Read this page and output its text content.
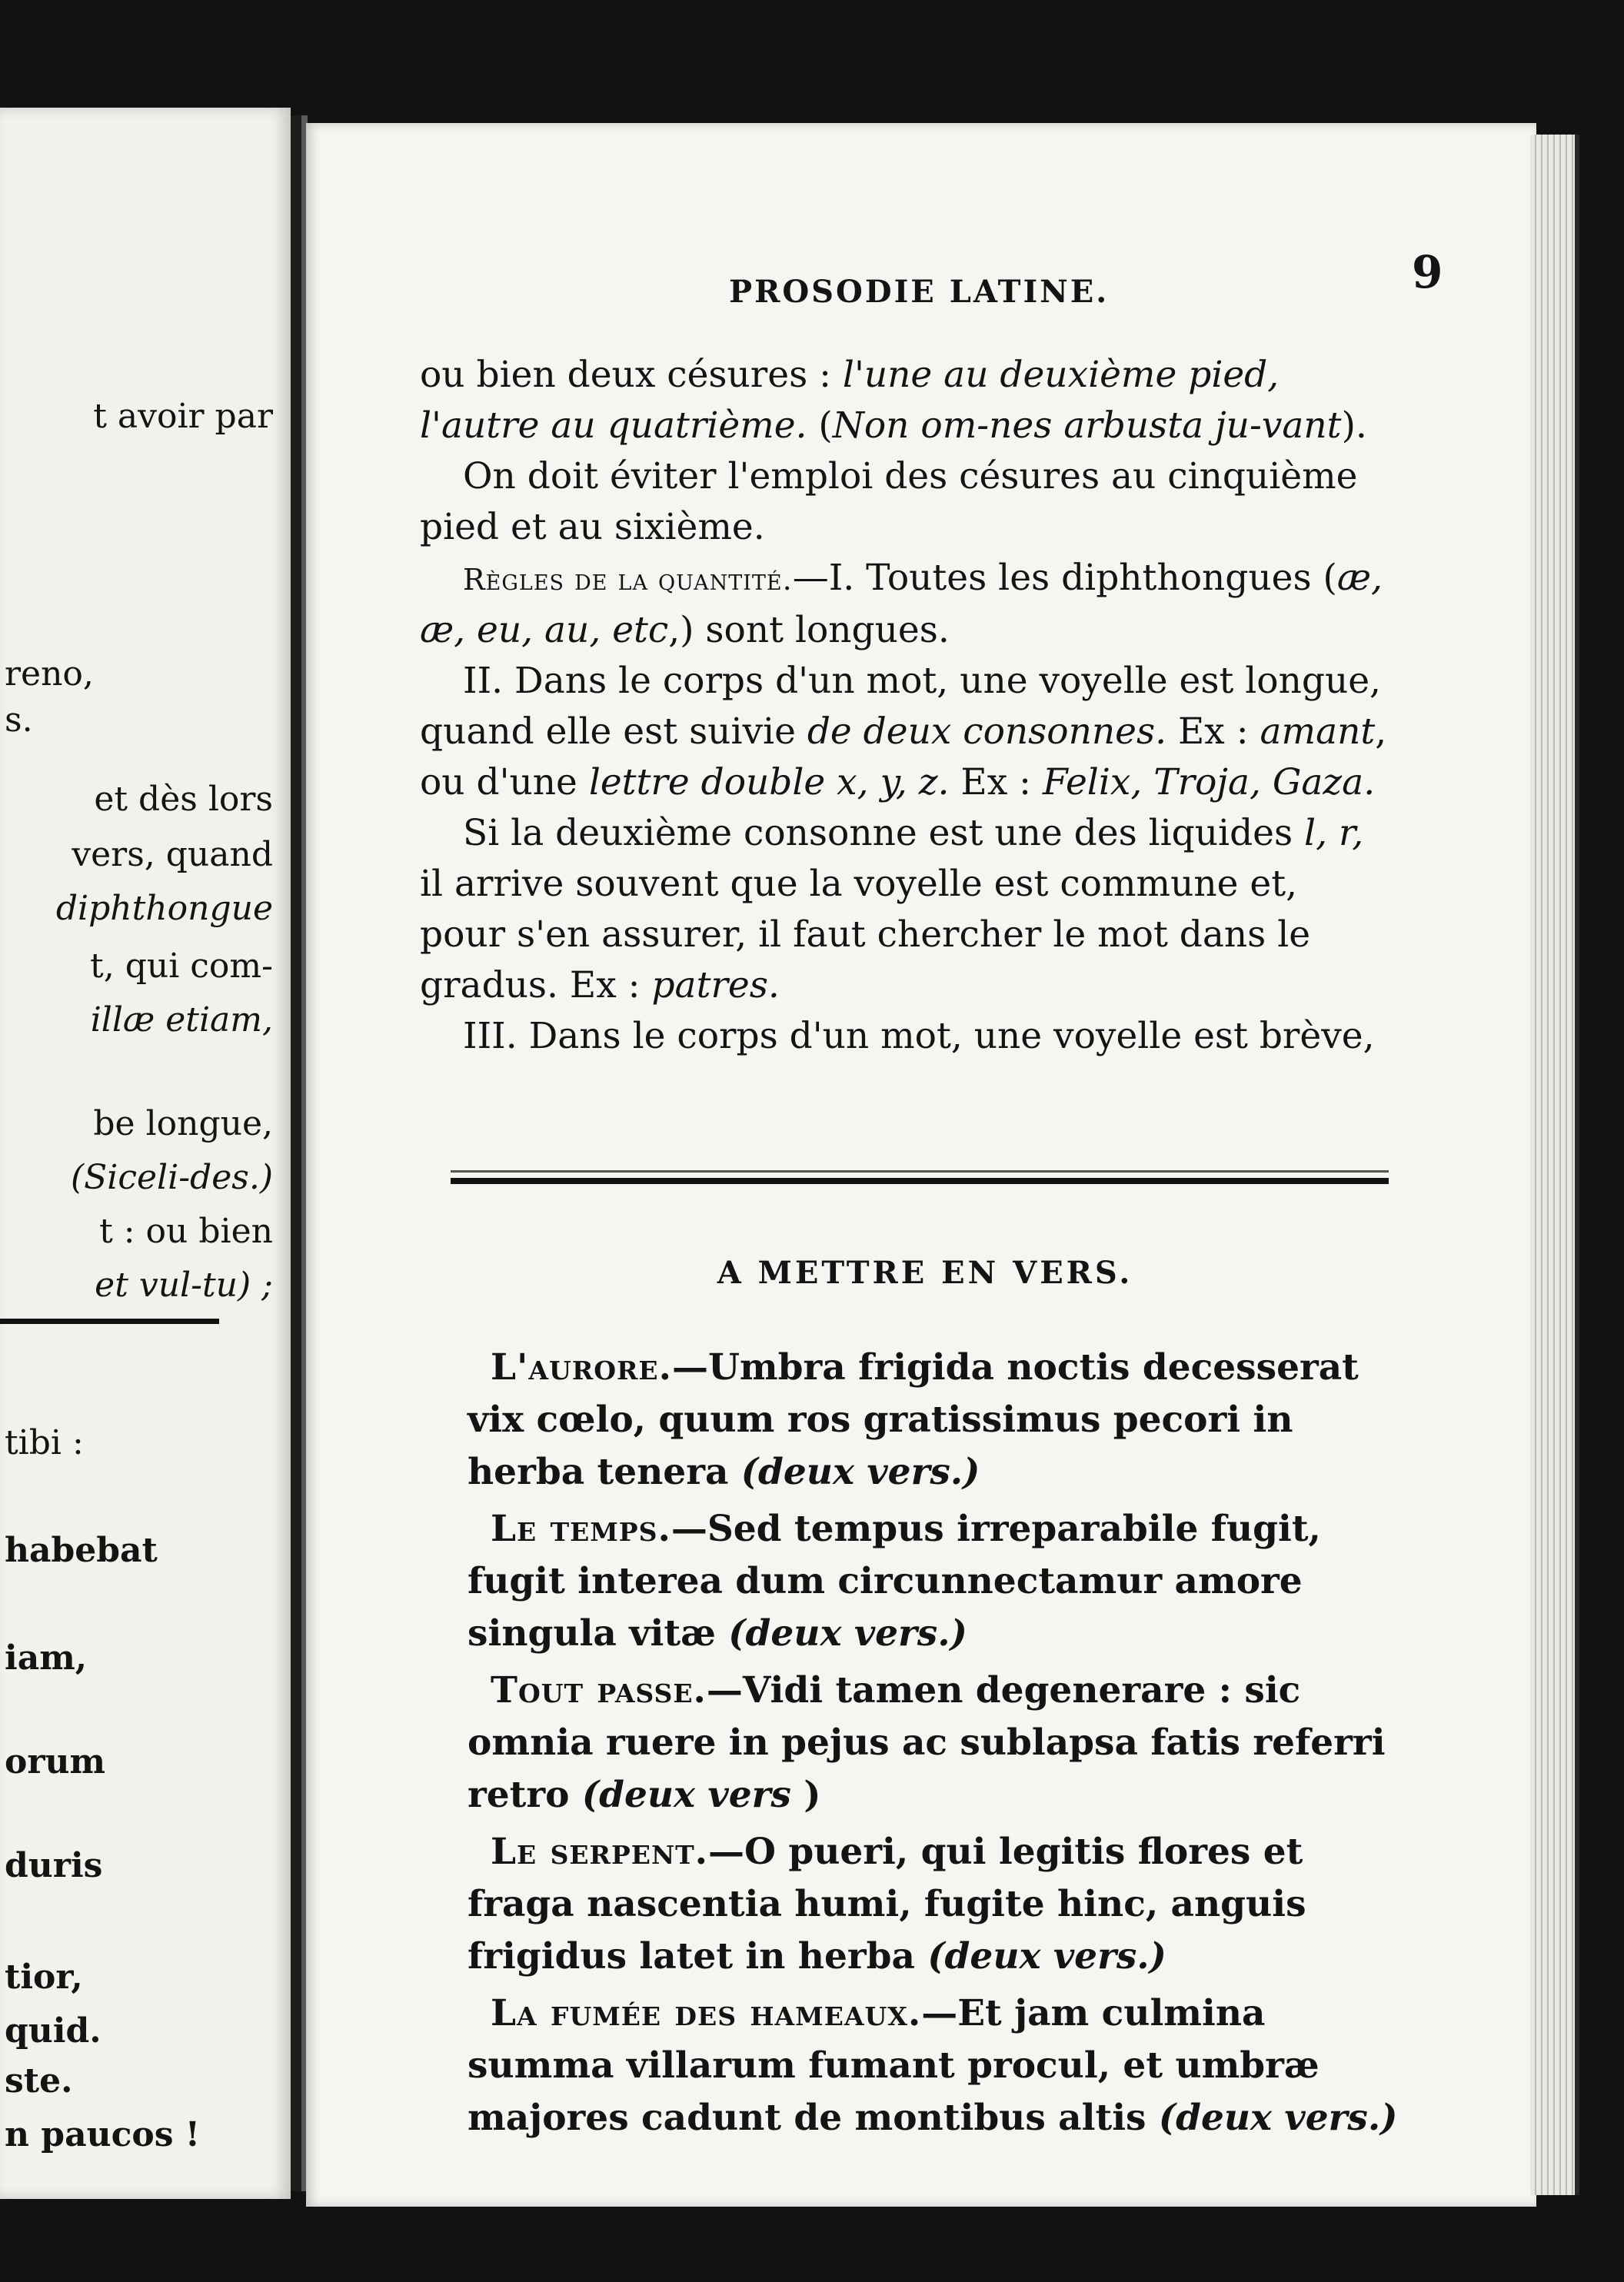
t avoir par
reno,
s.
et dès lors
vers, quand
diphthongue
t, qui com-
illæ etiam,
be longue,
(Siceli-des.)
t : ou bien
et vul-tu) ;
tibi :
habebat
iam,
orum
duris
tior,
quid.
ste.
n paucos !
PROSODIE LATINE.	9

ou bien deux césures : l'une au deuxième pied, l'autre au quatrième. (Non om-nes arbusta ju-vant).

On doit éviter l'emploi des césures au cinquième pied et au sixième.

Règles de la quantité.—I. Toutes les diphthongues (æ, æ, eu, au, etc,) sont longues.

II. Dans le corps d'un mot, une voyelle est longue, quand elle est suivie de deux consonnes. Ex : amant, ou d'une lettre double x, y, z. Ex : Felix, Troja, Gaza.

Si la deuxième consonne est une des liquides l, r, il arrive souvent que la voyelle est commune et, pour s'en assurer, il faut chercher le mot dans le gradus. Ex : patres.

III. Dans le corps d'un mot, une voyelle est brève,

A METTRE EN VERS.

L'aurore.—Umbra frigida noctis decesserat vix cœlo, quum ros gratissimus pecori in herba tenera (deux vers.)

Le temps.—Sed tempus irreparabile fugit, fugit interea dum circunnectamur amore singula vitæ (deux vers.)

Tout passe.—Vidi tamen degenerare : sic omnia ruere in pejus ac sublapsa fatis referri retro (deux vers )

Le serpent.—O pueri, qui legitis flores et fraga nascentia humi, fugite hinc, anguis frigidus latet in herba (deux vers.)

La fumée des hameaux.—Et jam culmina summa villarum fumant procul, et umbræ majores cadunt de montibus altis (deux vers.)
